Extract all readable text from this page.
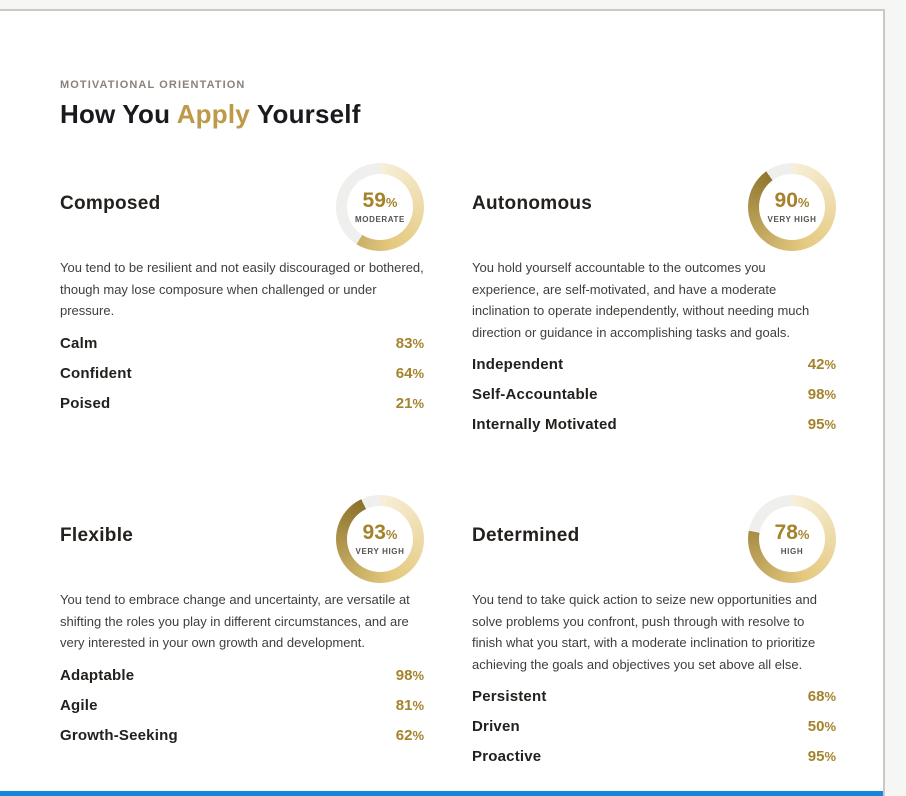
MOTIVATIONAL ORIENTATION

How You Apply Yourself
Composed	59%
MODERATE

You tend to be resilient and not easily discouraged or bothered, though may lose composure when challenged or under pressure.

Calm	83%
Confident	64%
Poised	21%
Autonomous	90%
VERY HIGH

You hold yourself accountable to the outcomes you experience, are self-motivated, and have a moderate inclination to operate independently, without needing much direction or guidance in accomplishing tasks and goals.

Independent	42%
Self-Accountable	98%
Internally Motivated	95%
Flexible	93%
VERY HIGH

You tend to embrace change and uncertainty, are versatile at shifting the roles you play in different circumstances, and are very interested in your own growth and development.

Adaptable	98%
Agile	81%
Growth-Seeking	62%
Determined	78%
HIGH

You tend to take quick action to seize new opportunities and solve problems you confront, push through with resolve to finish what you start, with a moderate inclination to prioritize achieving the goals and objectives you set above all else.

Persistent	68%
Driven	50%
Proactive	95%
